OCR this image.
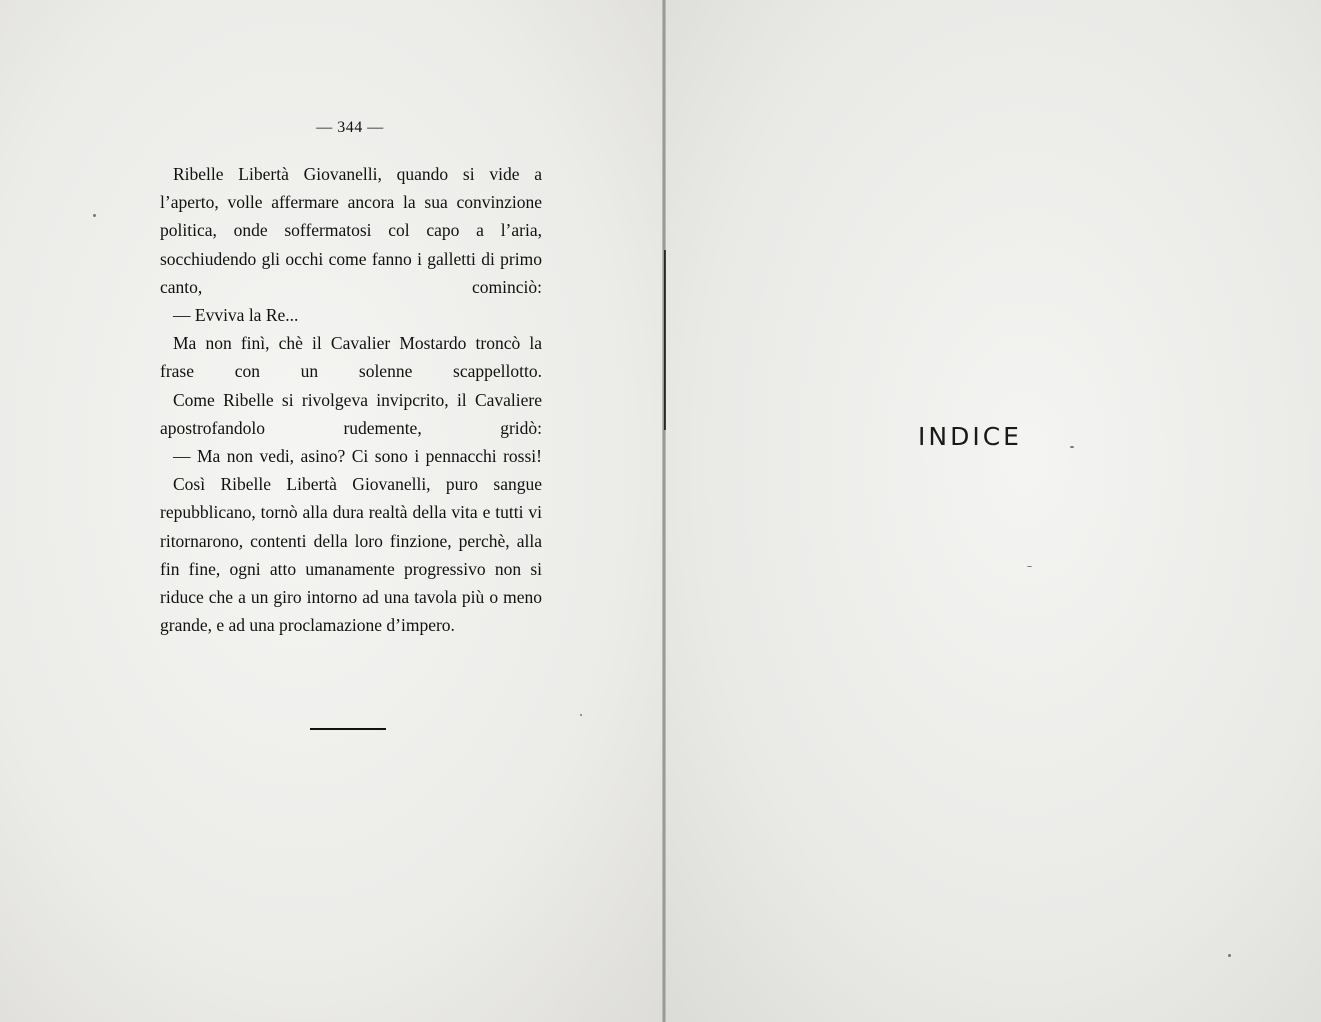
— 344 —

Ribelle Libertà Giovanelli, quando si vide a l’aperto, volle affermare ancora la sua convinzione politica, onde soffermatosi col capo a l’aria, socchiudendo gli occhi come fanno i galletti di primo canto, cominciò:

— Evviva la Re...

Ma non finì, chè il Cavalier Mostardo troncò la frase con un solenne scappellotto.

Come Ribelle si rivolgeva invipcrito, il Cavaliere apostrofandolo rudemente, gridò:

— Ma non vedi, asino? Ci sono i pennacchi rossi!

Così Ribelle Libertà Giovanelli, puro sangue repubblicano, tornò alla dura realtà della vita e tutti vi ritornarono, contenti della loro finzione, perchè, alla fin fine, ogni atto umanamente progressivo non si riduce che a un giro intorno ad una tavola più o meno grande, e ad una proclamazione d’impero.

INDICE
